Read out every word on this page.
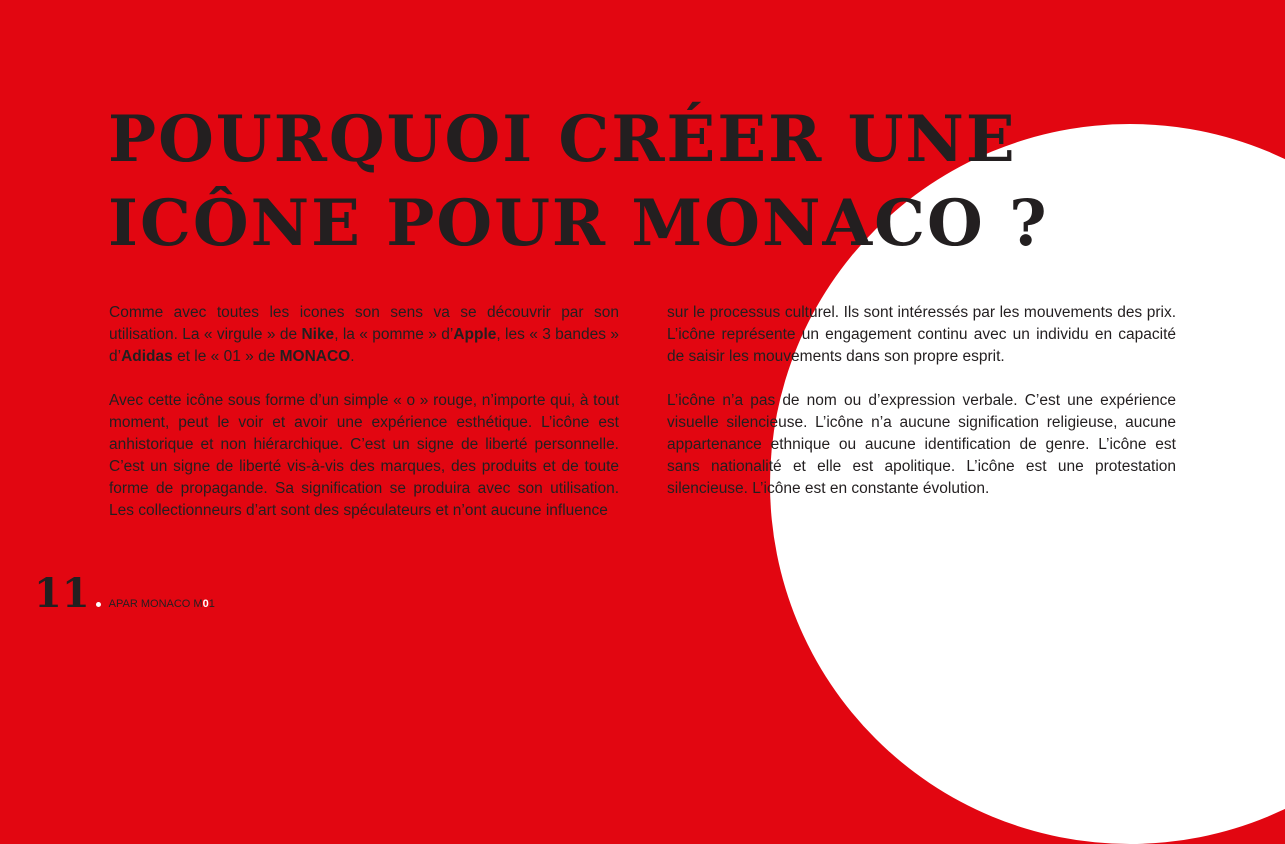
POURQUOI CRÉER UNE
ICÔNE POUR MONACO ?

Comme avec toutes les icones son sens va se découvrir par son utilisation. La « virgule » de Nike, la « pomme » d’Apple, les « 3 bandes » d’Adidas et le « 01 » de MONACO.

Avec cette icône sous forme d’un simple « o » rouge, n’importe qui, à tout moment, peut le voir et avoir une expérience esthétique. L’icône est anhistorique et non hiérarchique. C’est un signe de liberté personnelle. C’est un signe de liberté vis-à-vis des marques, des produits et de toute forme de propagande. Sa signification se produira avec son utilisation. Les collectionneurs d’art sont des spéculateurs et n’ont aucune influence

sur le processus culturel. Ils sont intéressés par les mouvements des prix. L’icône représente un engagement continu avec un individu en capacité de saisir les mouvements dans son propre esprit.

L’icône n’a pas de nom ou d’expression verbale. C’est une expérience visuelle silencieuse. L’icône n’a aucune signification religieuse, aucune appartenance ethnique ou aucune identification de genre. L’icône est sans nationalité et elle est apolitique. L’icône est une protestation silencieuse. L’icône est en constante évolution.

11 APAR MONACO M01
